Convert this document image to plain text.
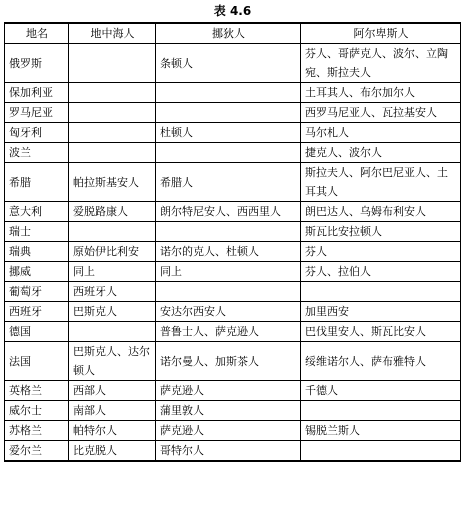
表 4.6
地名	地中海人	挪狄人	阿尔卑斯人
俄罗斯		条顿人	芬人、哥萨克人、波尔、立陶宛、斯拉夫人
保加利亚			土耳其人、布尔加尔人
罗马尼亚			西罗马尼亚人、瓦拉基安人
匈牙利		杜顿人	马尔札人
波兰			捷克人、波尔人
希腊	帕拉斯基安人	希腊人	斯拉夫人、阿尔巴尼亚人、土耳其人
意大利	爱脱路康人	朗尔特尼安人、西西里人	朗巴达人、乌姆布利安人
瑞士			斯瓦比安拉顿人
瑞典	原始伊比利安	诺尔的克人、杜顿人	芬人
挪威	同上	同上	芬人、拉伯人
葡萄牙	西班牙人		
西班牙	巴斯克人	安达尔西安人	加里西安
德国		普鲁士人、萨克逊人	巴伐里安人、斯瓦比安人
法国	巴斯克人、达尔顿人	诺尔曼人、加斯茶人	绥维诺尔人、萨布雅特人
英格兰	西部人	萨克逊人	千德人
威尔士	南部人	蒲里敦人	
苏格兰	帕特尔人	萨克逊人	锡脱兰斯人
爱尔兰	比克脱人	哥特尔人	
